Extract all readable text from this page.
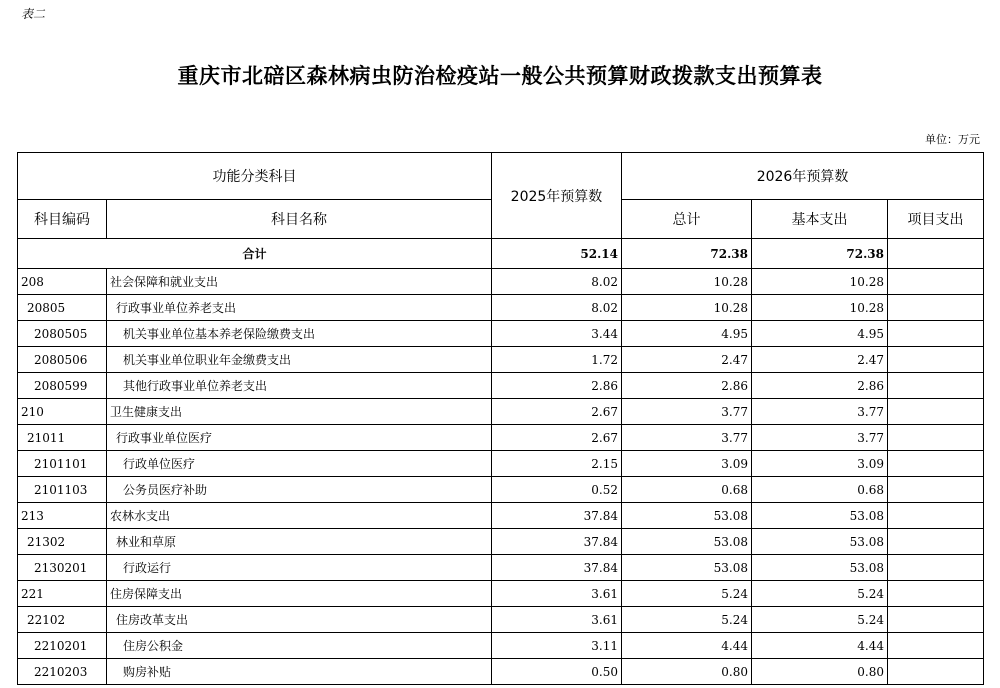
表二
重庆市北碚区森林病虫防治检疫站一般公共预算财政拨款支出预算表
单位：万元
功能分类科目		2025年预算数	2026年预算数		
科目编码	科目名称		总计	基本支出	项目支出
合计		52.14	72.38	72.38	
208	社会保障和就业支出	8.02	10.28	10.28	
20805	行政事业单位养老支出	8.02	10.28	10.28	
2080505	机关事业单位基本养老保险缴费支出	3.44	4.95	4.95	
2080506	机关事业单位职业年金缴费支出	1.72	2.47	2.47	
2080599	其他行政事业单位养老支出	2.86	2.86	2.86	
210	卫生健康支出	2.67	3.77	3.77	
21011	行政事业单位医疗	2.67	3.77	3.77	
2101101	行政单位医疗	2.15	3.09	3.09	
2101103	公务员医疗补助	0.52	0.68	0.68	
213	农林水支出	37.84	53.08	53.08	
21302	林业和草原	37.84	53.08	53.08	
2130201	行政运行	37.84	53.08	53.08	
221	住房保障支出	3.61	5.24	5.24	
22102	住房改革支出	3.61	5.24	5.24	
2210201	住房公积金	3.11	4.44	4.44	
2210203	购房补贴	0.50	0.80	0.80	
